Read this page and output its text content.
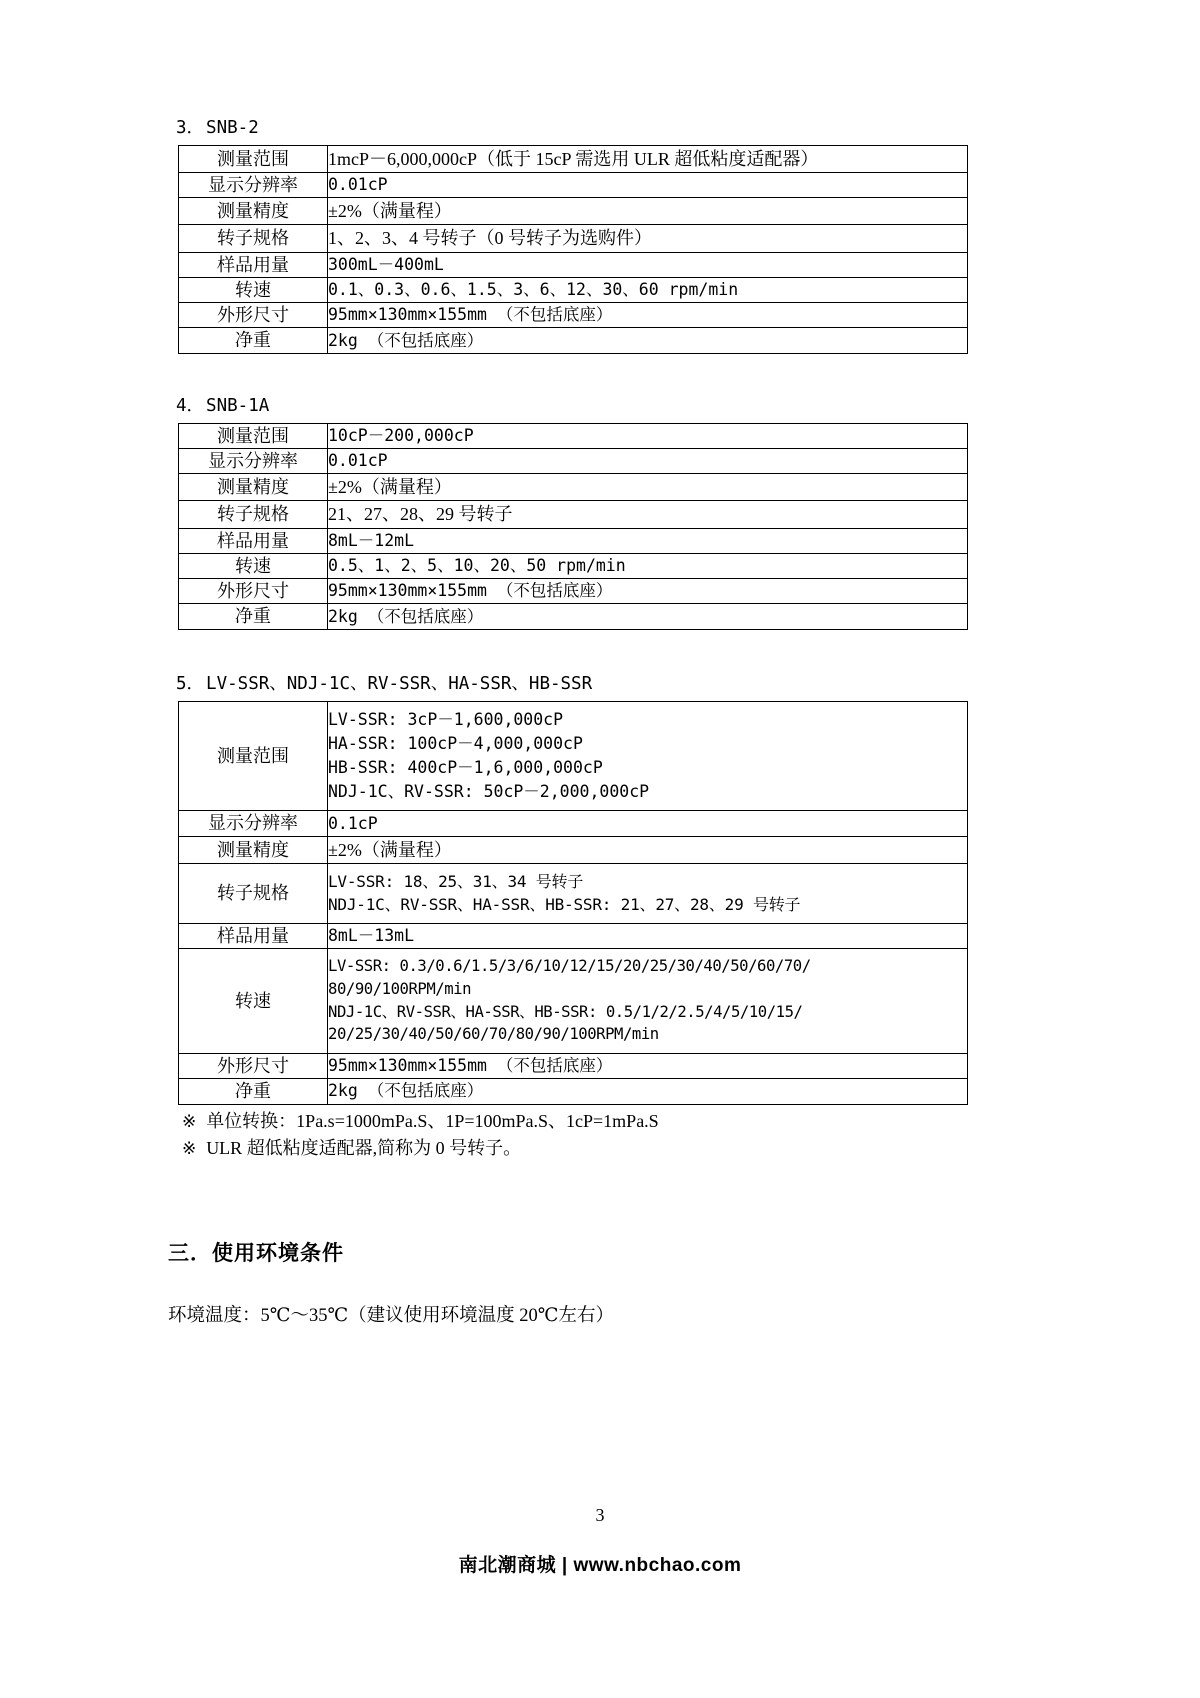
3． SNB-2
测量范围	1mcP－6,000,000cP（低于 15cP 需选用 ULR 超低粘度适配器）
显示分辨率	0.01cP
测量精度	±2%（满量程）
转子规格	1、2、3、4 号转子（0 号转子为选购件）
样品用量	300mL－400mL
转速	0.1、0.3、0.6、1.5、3、6、12、30、60 rpm/min
外形尺寸	95mm×130mm×155mm （不包括底座）
净重	2kg （不包括底座）
4． SNB-1A
测量范围	10cP－200,000cP
显示分辨率	0.01cP
测量精度	±2%（满量程）
转子规格	21、27、28、29 号转子
样品用量	8mL－12mL
转速	0.5、1、2、5、10、20、50 rpm/min
外形尺寸	95mm×130mm×155mm （不包括底座）
净重	2kg （不包括底座）
5． LV-SSR、NDJ-1C、RV-SSR、HA-SSR、HB-SSR
测量范围	LV-SSR: 3cP－1,600,000cP
HA-SSR: 100cP－4,000,000cP
HB-SSR: 400cP－1,6,000,000cP
NDJ-1C、RV-SSR: 50cP－2,000,000cP

显示分辨率	0.1cP
测量精度	±2%（满量程）
转子规格	LV-SSR: 18、25、31、34 号转子
NDJ-1C、RV-SSR、HA-SSR、HB-SSR: 21、27、28、29 号转子

样品用量	8mL－13mL
转速	LV-SSR: 0.3/0.6/1.5/3/6/10/12/15/20/25/30/40/50/60/70/
80/90/100RPM/min
NDJ-1C、RV-SSR、HA-SSR、HB-SSR: 0.5/1/2/2.5/4/5/10/15/
20/25/30/40/50/60/70/80/90/100RPM/min

外形尺寸	95mm×130mm×155mm （不包括底座）
净重	2kg （不包括底座）
※ 单位转换：1Pa.s=1000mPa.S、1P=100mPa.S、1cP=1mPa.S
※ ULR 超低粘度适配器,简称为 0 号转子。
三．使用环境条件
环境温度：5℃～35℃（建议使用环境温度 20℃左右）
3
南北潮商城 | www.nbchao.com
